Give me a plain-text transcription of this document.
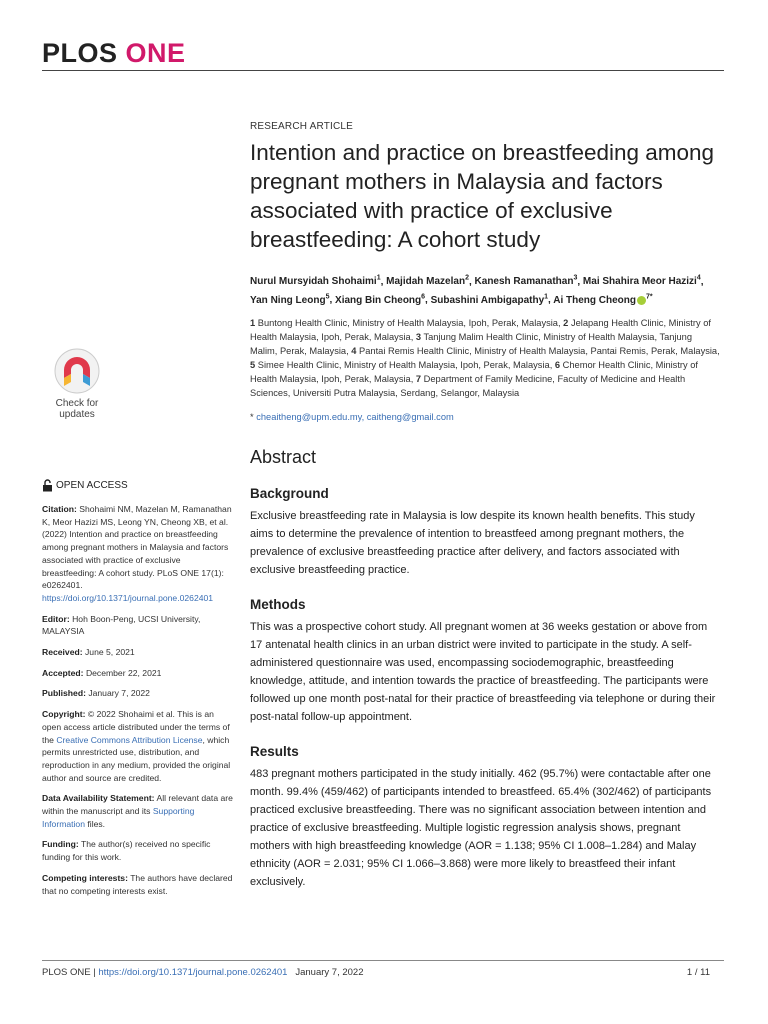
PLOS ONE
Check for
updates
OPEN ACCESS
Citation: Shohaimi NM, Mazelan M, Ramanathan K, Meor Hazizi MS, Leong YN, Cheong XB, et al. (2022) Intention and practice on breastfeeding among pregnant mothers in Malaysia and factors associated with practice of exclusive breastfeeding: A cohort study. PLoS ONE 17(1): e0262401. https://doi.org/10.1371/journal.pone.0262401
Editor: Hoh Boon-Peng, UCSI University, MALAYSIA
Received: June 5, 2021
Accepted: December 22, 2021
Published: January 7, 2022
Copyright: © 2022 Shohaimi et al. This is an open access article distributed under the terms of the Creative Commons Attribution License, which permits unrestricted use, distribution, and reproduction in any medium, provided the original author and source are credited.
Data Availability Statement: All relevant data are within the manuscript and its Supporting Information files.
Funding: The author(s) received no specific funding for this work.
Competing interests: The authors have declared that no competing interests exist.
RESEARCH ARTICLE
Intention and practice on breastfeeding among pregnant mothers in Malaysia and factors associated with practice of exclusive breastfeeding: A cohort study
Nurul Mursyidah Shohaimi$^1$, Majidah Mazelan$^2$, Kanesh Ramanathan$^3$, Mai Shahira Meor Hazizi$^4$, Yan Ning Leong$^5$, Xiang Bin Cheong$^6$, Subashini Ambigapathy$^1$, Ai Theng Cheong $^{7*}$
1 Buntong Health Clinic, Ministry of Health Malaysia, Ipoh, Perak, Malaysia, 2 Jelapang Health Clinic, Ministry of Health Malaysia, Ipoh, Perak, Malaysia, 3 Tanjung Malim Health Clinic, Ministry of Health Malaysia, Tanjung Malim, Perak, Malaysia, 4 Pantai Remis Health Clinic, Ministry of Health Malaysia, Pantai Remis, Perak, Malaysia, 5 Simee Health Clinic, Ministry of Health Malaysia, Ipoh, Perak, Malaysia, 6 Chemor Health Clinic, Ministry of Health Malaysia, Ipoh, Perak, Malaysia, 7 Department of Family Medicine, Faculty of Medicine and Health Sciences, Universiti Putra Malaysia, Serdang, Selangor, Malaysia
* cheaitheng@upm.edu.my, caitheng@gmail.com
Abstract
Background
Exclusive breastfeeding rate in Malaysia is low despite its known health benefits. This study aims to determine the prevalence of intention to breastfeed among pregnant mothers, the prevalence of exclusive breastfeeding practice after delivery, and factors associated with exclusive breastfeeding practice.
Methods
This was a prospective cohort study. All pregnant women at 36 weeks gestation or above from 17 antenatal health clinics in an urban district were invited to participate in the study. A self-administered questionnaire was used, encompassing sociodemographic, breastfeeding knowledge, attitude, and intention towards the practice of breastfeeding. The participants were followed up one month post-natal for their practice of breastfeeding via telephone or during their post-natal follow-up appointment.
Results
483 pregnant mothers participated in the study initially. 462 (95.7%) were contactable after one month. 99.4% (459/462) of participants intended to breastfeed. 65.4% (302/462) of participants practiced exclusive breastfeeding. There was no significant association between intention and practice of exclusive breastfeeding. Multiple logistic regression analysis shows, pregnant mothers with high breastfeeding knowledge (AOR = 1.138; 95% CI 1.008–1.284) and Malay ethnicity (AOR = 2.031; 95% CI 1.066–3.868) were more likely to breastfeed their infant exclusively.
PLOS ONE | https://doi.org/10.1371/journal.pone.0262401 January 7, 2022	1 / 11
